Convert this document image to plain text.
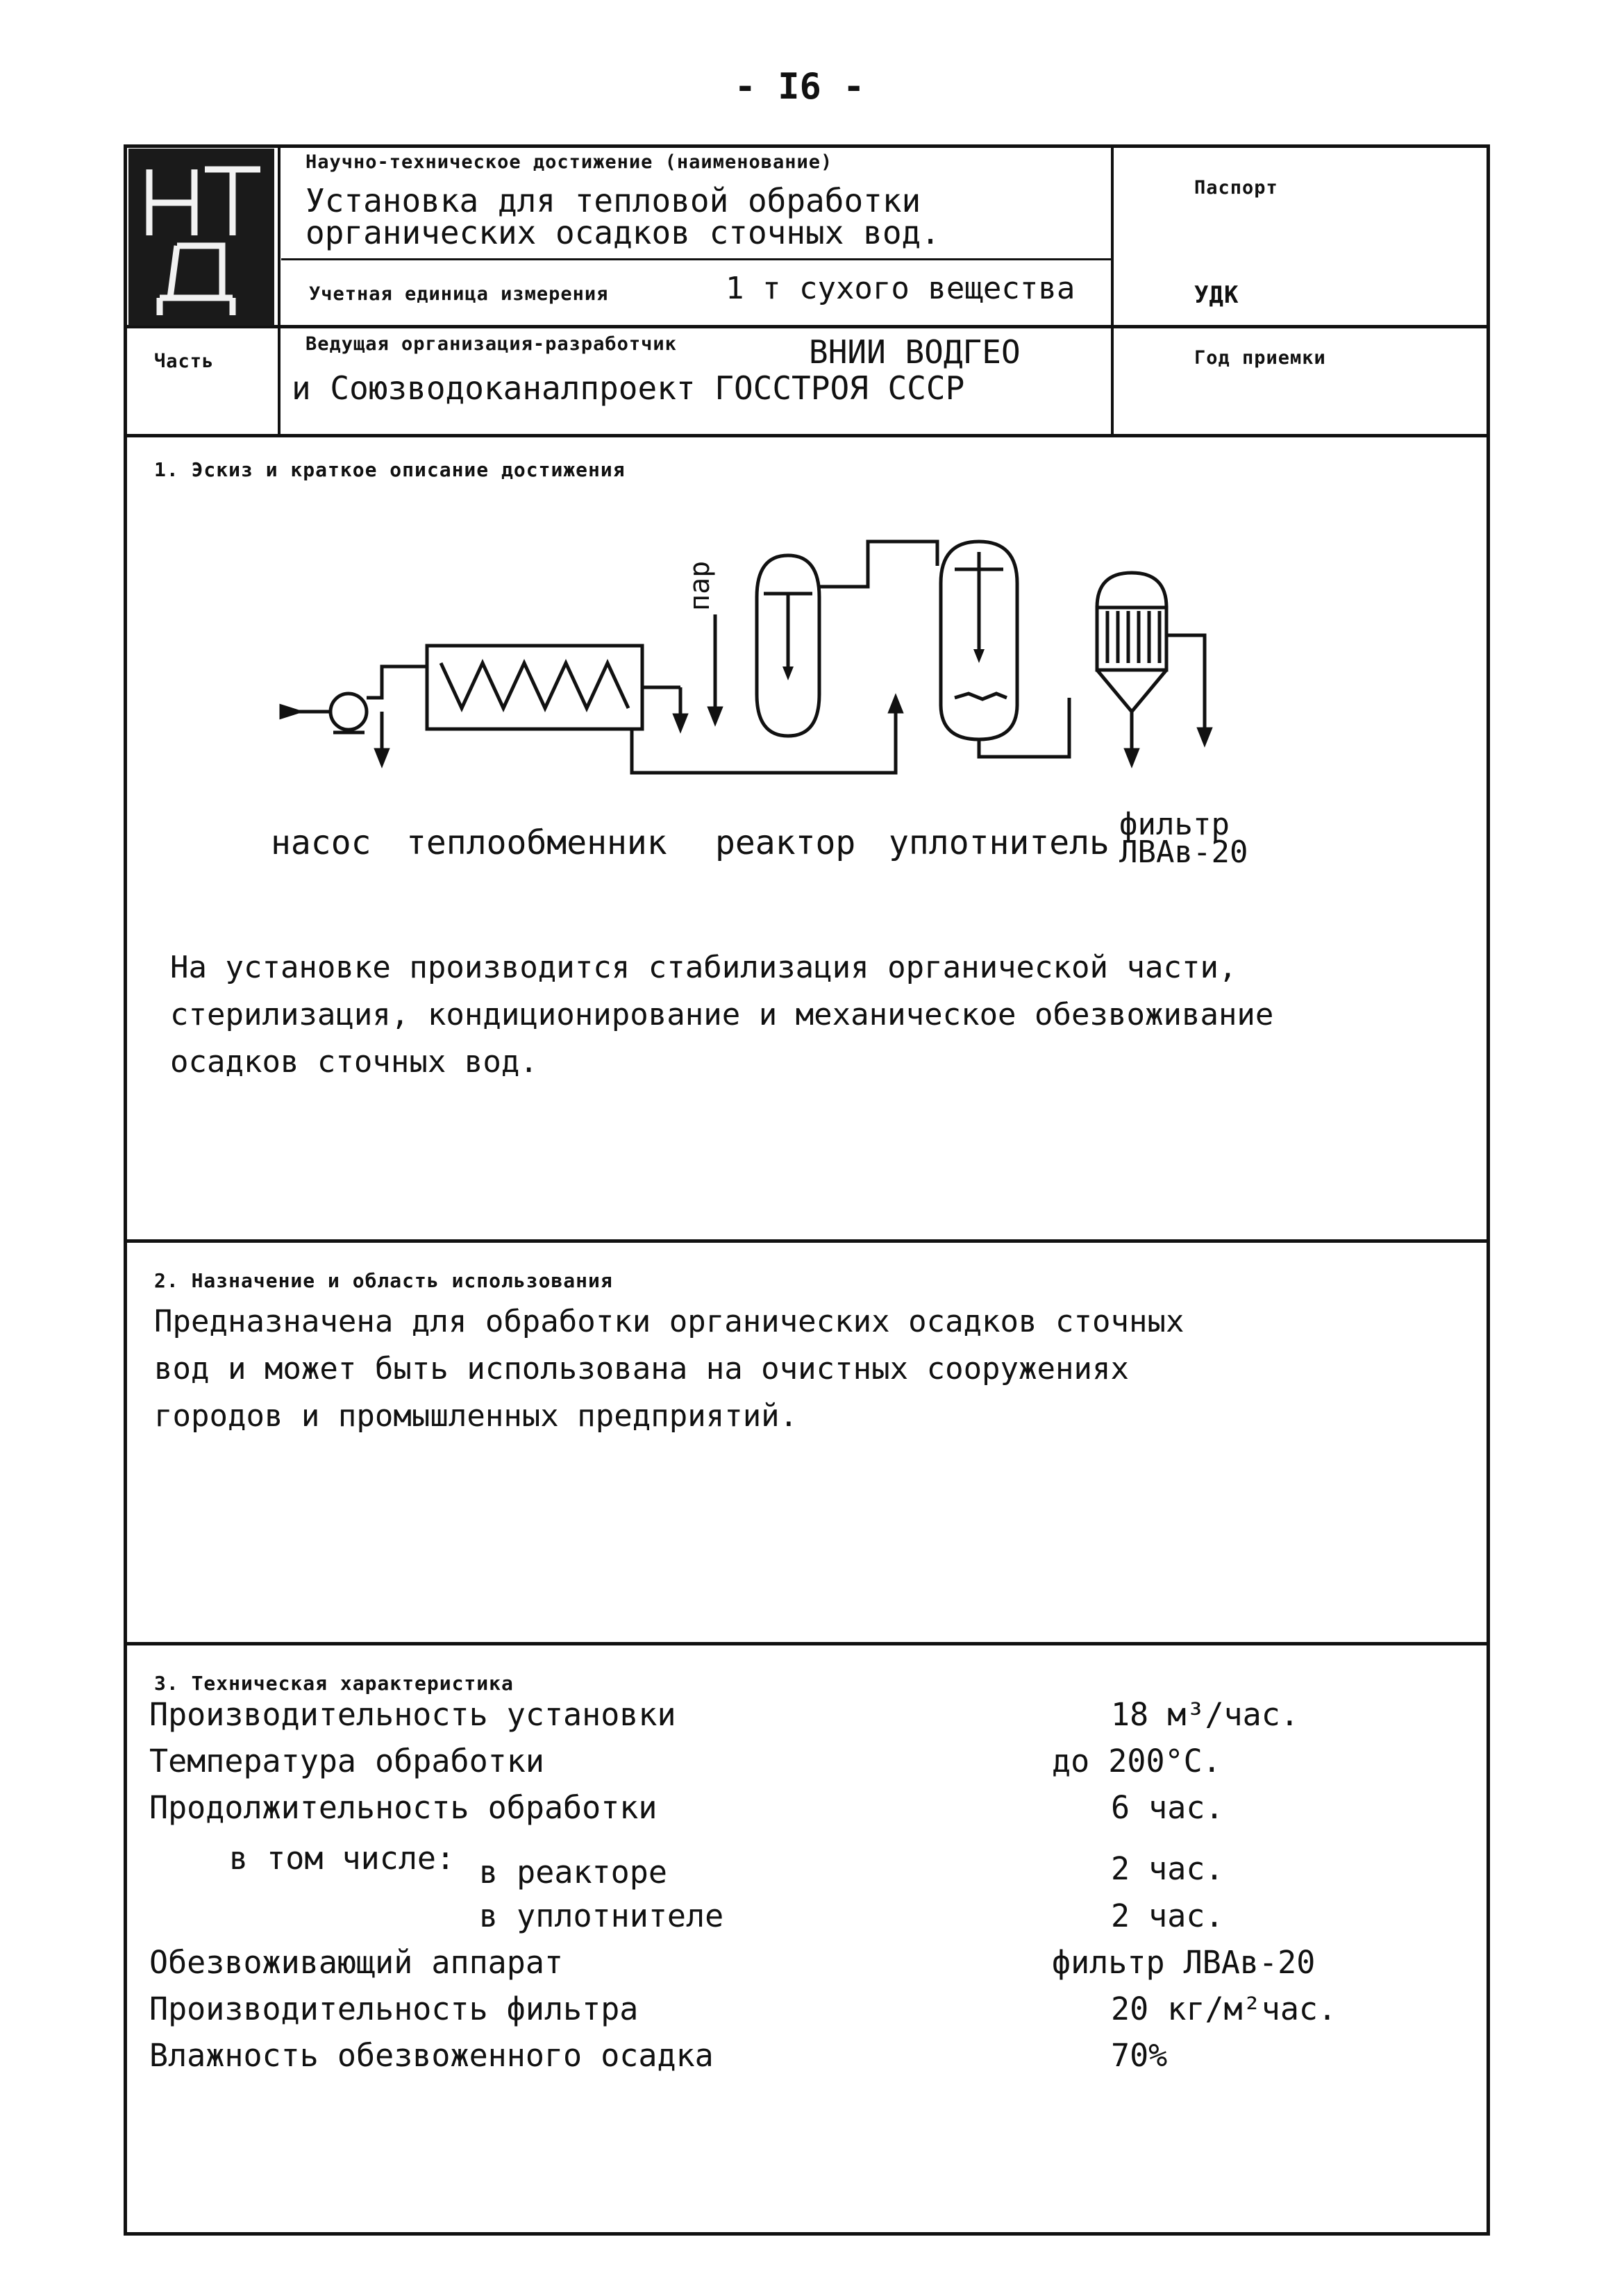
- I6 -
Научно-техническое достижение (наименование)
Установка для тепловой обработки
органических осадков сточных вод.
Учетная единица измерения	1 т сухого вещества
Паспорт
УДК
Часть
Ведущая организация-разработчик	ВНИИ ВОДГЕО
и Союзводоканалпроект ГОССТРОЯ СССР
Год приемки
1. Эскиз и краткое описание достижения
пар
насос теплообменник реактор уплотнитель фильтр
ЛВАв-20
На установке производится стабилизация органической части,
стерилизация, кондиционирование и механическое обезвоживание
осадков сточных вод.
2. Назначение и область использования
Предназначена для обработки органических осадков сточных
вод и может быть использована на очистных сооружениях
городов и промышленных предприятий.
3. Техническая характеристика
Производительность установки	18 м³/час.
Температура обработки	до 200°С.
Продолжительность обработки	6 час.
в том числе: в реакторе	2 час.
в уплотнителе	2 час.
Обезвоживающий аппарат	фильтр ЛВАв-20
Производительность фильтра	20 кг/м²час.
Влажность обезвоженного осадка	70%
